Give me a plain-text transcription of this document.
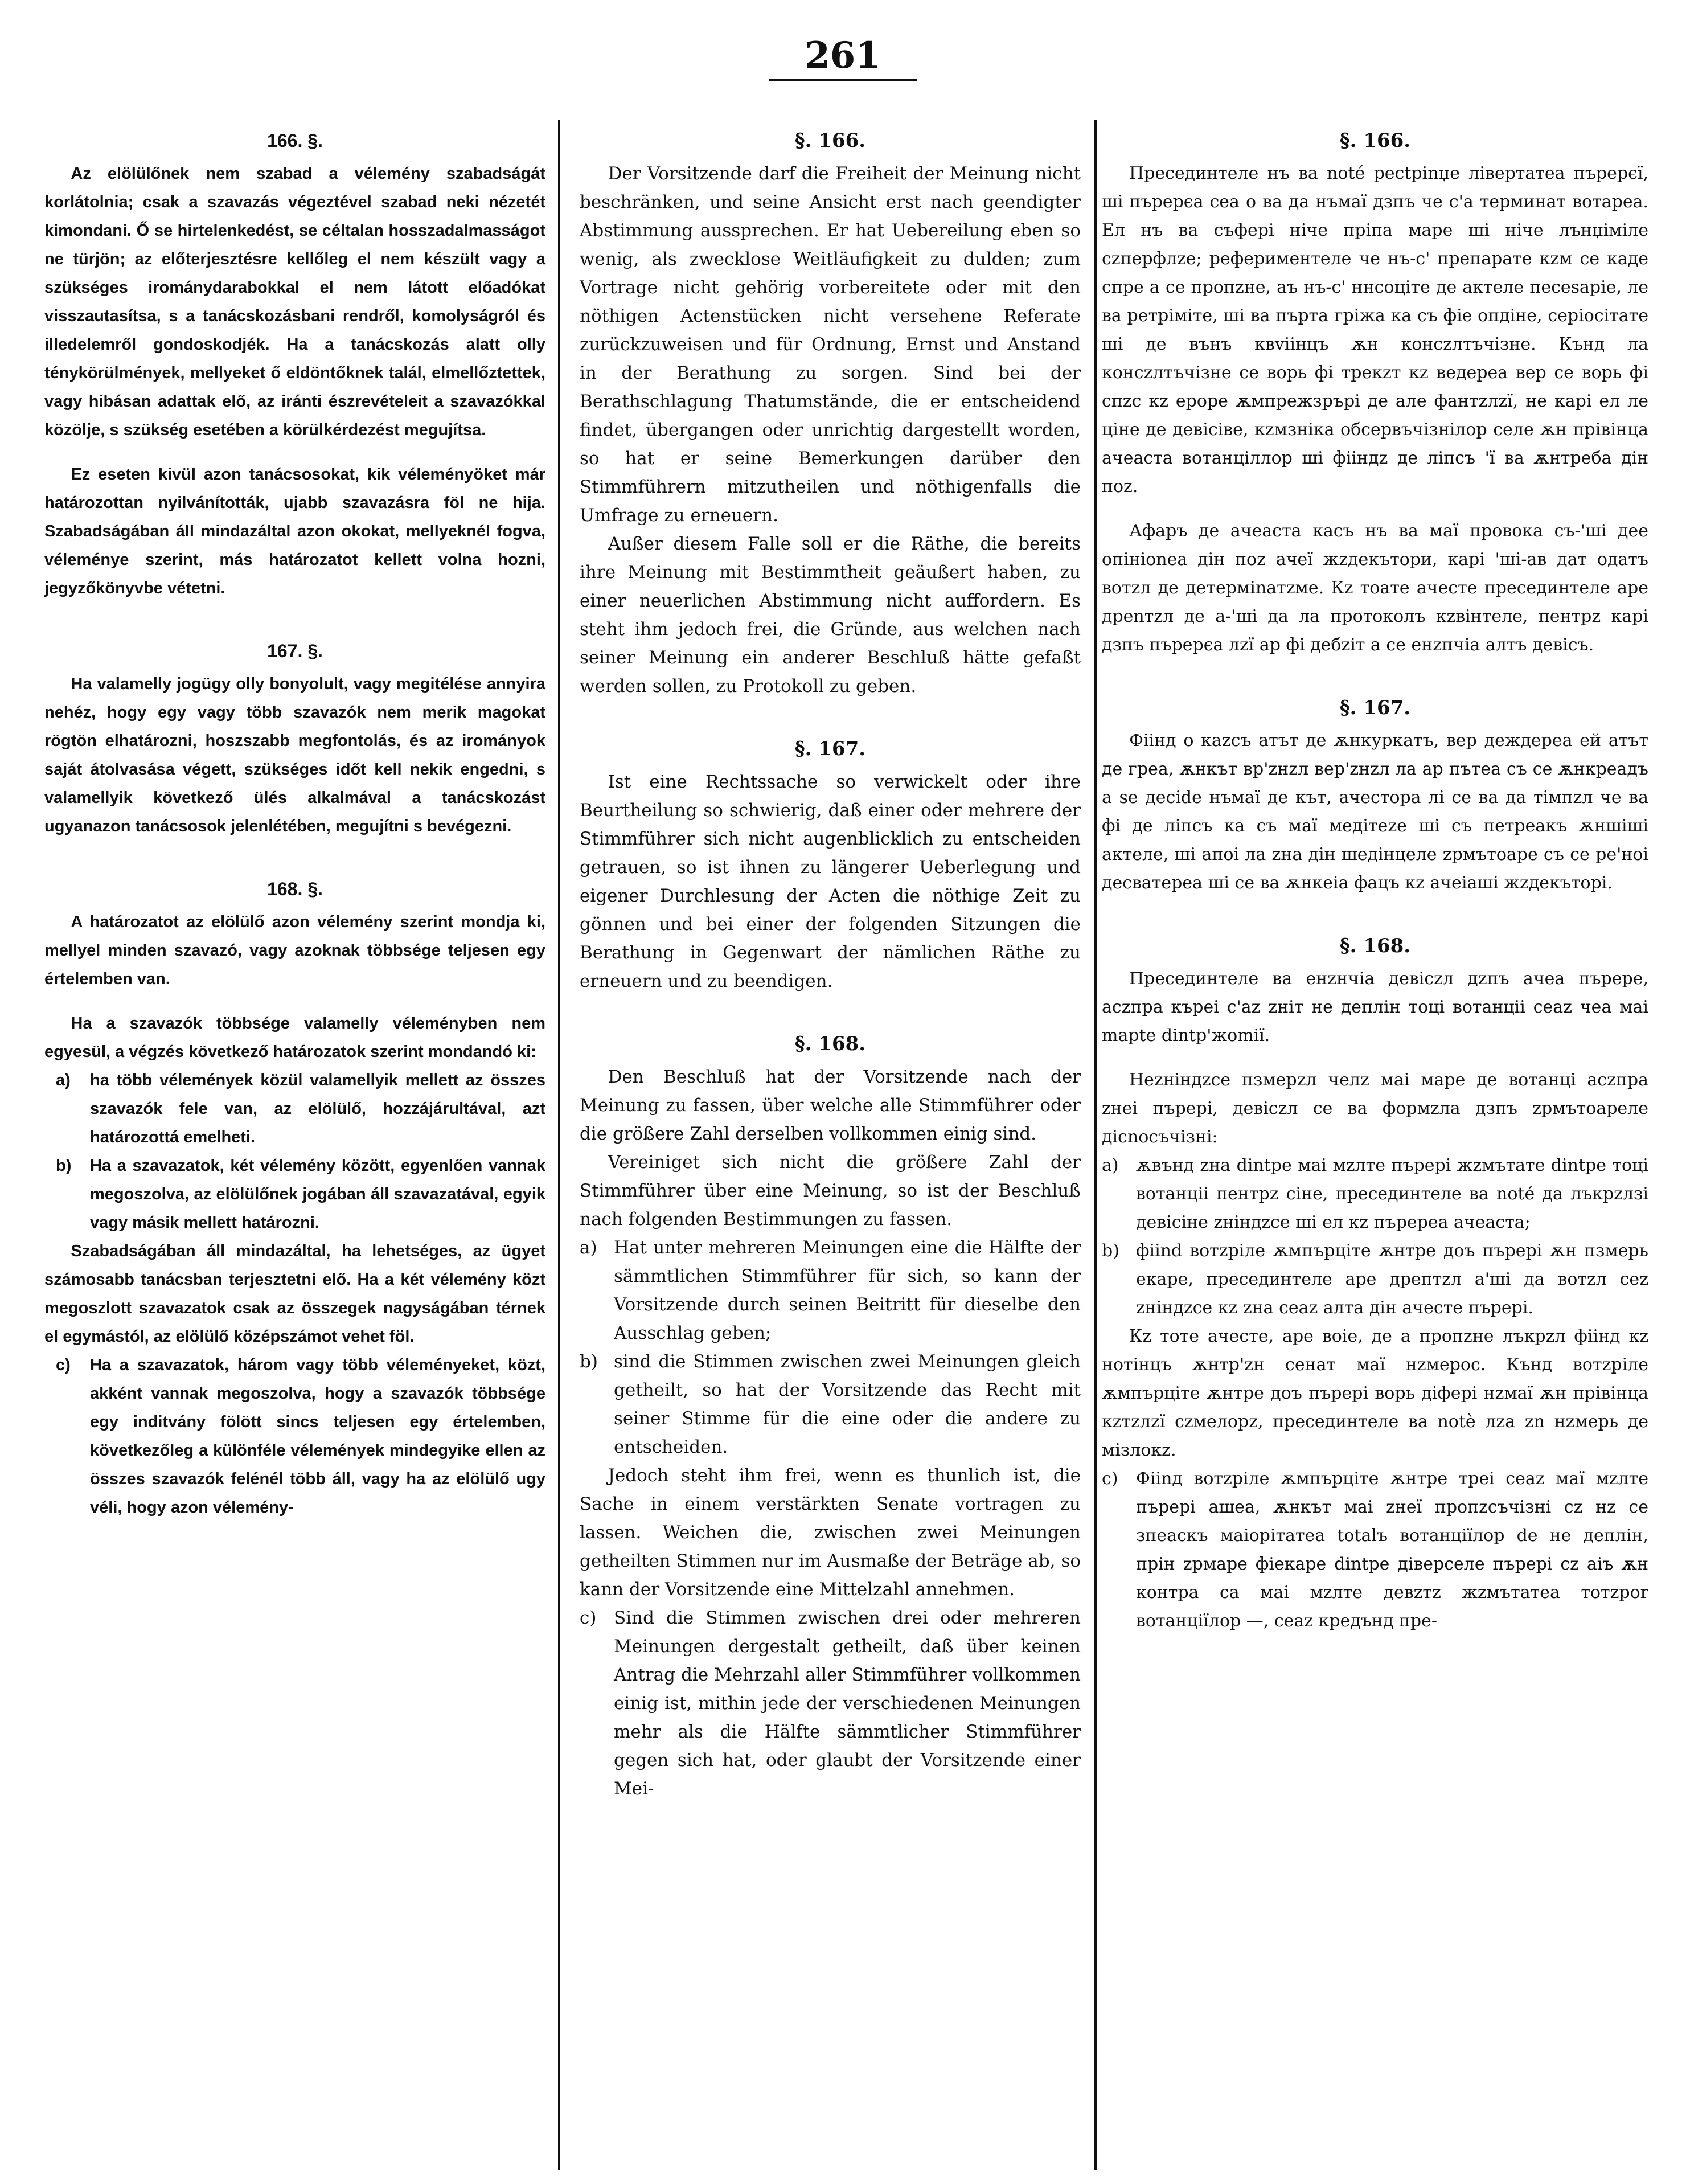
261
166. §.

Az elölülőnek nem szabad a vélemény szabadságát korlátolnia; csak a szavazás végeztével szabad neki nézetét kimondani. Ő se hirtelenkedést, se céltalan hosszadalmasságot ne türjön; az előterjesztésre kellőleg el nem készült vagy a szükséges irománydarabokkal el nem látott előadókat visszautasítsa, s a tanácskozásbani rendről, komolyságról és illedelemről gondoskodjék. Ha a tanácskozás alatt olly ténykörülmények, mellyeket ő eldöntőknek talál, elmellőztettek, vagy hibásan adattak elő, az iránti észrevételeit a szavazókkal közölje, s szükség esetében a körülkérdezést megujítsa.

Ez eseten kivül azon tanácsosokat, kik véleményöket már határozottan nyilvánították, ujabb szavazásra föl ne hija. Szabadságában áll mindazáltal azon okokat, mellyeknél fogva, véleménye szerint, más határozatot kellett volna hozni, jegyzőkönyvbe vétetni.

167. §.

Ha valamelly jogügy olly bonyolult, vagy megitélése annyira nehéz, hogy egy vagy több szavazók nem merik magokat rögtön elhatározni, hoszszabb megfontolás, és az irományok saját átolvasása végett, szükséges időt kell nekik engedni, s valamellyik következő ülés alkalmával a tanácskozást ugyanazon tanácsosok jelenlétében, megujítni s bevégezni.

168. §.

A határozatot az elölülő azon vélemény szerint mondja ki, mellyel minden szavazó, vagy azoknak többsége teljesen egy értelemben van.

Ha a szavazók többsége valamelly véleményben nem egyesül, a végzés következő határozatok szerint mondandó ki:

a)	ha több vélemények közül valamellyik mellett az összes szavazók fele van, az elölülő, hozzájárultával, azt határozottá emelheti.
b)	Ha a szavazatok, két vélemény között, egyenlően vannak megoszolva, az elölülőnek jogában áll szavazatával, egyik vagy másik mellett határozni.

Szabadságában áll mindazáltal, ha lehetséges, az ügyet számosabb tanácsban terjesztetni elő. Ha a két vélemény közt megoszlott szavazatok csak az összegek nagyságában térnek el egymástól, az elölülő középszámot vehet föl.

c)	Ha a szavazatok, három vagy több véleményeket, közt, akként vannak megoszolva, hogy a szavazók többsége egy inditvány fölött sincs teljesen egy értelemben, következőleg a különféle vélemények mindegyike ellen az összes szavazók felénél több áll, vagy ha az elölülő ugy véli, hogy azon vélemény-
§. 166.

Der Vorsitzende darf die Freiheit der Meinung nicht beschränken, und seine Ansicht erst nach geendigter Abstimmung aussprechen. Er hat Uebereilung eben so wenig, als zwecklose Weitläufigkeit zu dulden; zum Vortrage nicht gehörig vorbereitete oder mit den nöthigen Actenstücken nicht versehene Referate zurückzuweisen und für Ordnung, Ernst und Anstand in der Berathung zu sorgen. Sind bei der Berathschlagung Thatumstände, die er entscheidend findet, übergangen oder unrichtig dargestellt worden, so hat er seine Bemerkungen darüber den Stimmführern mitzutheilen und nöthigenfalls die Umfrage zu erneuern.

Außer diesem Falle soll er die Räthe, die bereits ihre Meinung mit Bestimmtheit geäußert haben, zu einer neuerlichen Abstimmung nicht auffordern. Es steht ihm jedoch frei, die Gründe, aus welchen nach seiner Meinung ein anderer Beschluß hätte gefaßt werden sollen, zu Protokoll zu geben.

§. 167.

Ist eine Rechtssache so verwickelt oder ihre Beurtheilung so schwierig, daß einer oder mehrere der Stimmführer sich nicht augenblicklich zu entscheiden getrauen, so ist ihnen zu längerer Ueberlegung und eigener Durchlesung der Acten die nöthige Zeit zu gönnen und bei einer der folgenden Sitzungen die Berathung in Gegenwart der nämlichen Räthe zu erneuern und zu beendigen.

§. 168.

Den Beschluß hat der Vorsitzende nach der Meinung zu fassen, über welche alle Stimmführer oder die größere Zahl derselben vollkommen einig sind.

Vereiniget sich nicht die größere Zahl der Stimmführer über eine Meinung, so ist der Beschluß nach folgenden Bestimmungen zu fassen.

a) Hat unter mehreren Meinungen eine die Hälfte der sämmtlichen Stimmführer für sich, so kann der Vorsitzende durch seinen Beitritt für dieselbe den Ausschlag geben;
b) sind die Stimmen zwischen zwei Meinungen gleich getheilt, so hat der Vorsitzende das Recht mit seiner Stimme für die eine oder die andere zu entscheiden.

Jedoch steht ihm frei, wenn es thunlich ist, die Sache in einem verstärkten Senate vortragen zu lassen. Weichen die, zwischen zwei Meinungen getheilten Stimmen nur im Ausmaße der Beträge ab, so kann der Vorsitzende eine Mittelzahl annehmen.

c) Sind die Stimmen zwischen drei oder mehreren Meinungen dergestalt getheilt, daß über keinen Antrag die Mehrzahl aller Stimmführer vollkommen einig ist, mithin jede der verschiedenen Meinungen mehr als die Hälfte sämmtlicher Stimmführer gegen sich hat, oder glaubt der Vorsitzende einer Mei-
§. 166.

Пресединтеле нъ ва noté pectpinџe лівертатеа пърерєї, ші пърерєа сеа о ва да нъмаї дзпъ че с'а терминат вотареа. Ел нъ ва съфері ніче пріпа маре ші ніче лънџіміле сzперфлzе; рефериментеле че нъ-с' препарате кzм се каде спре а се пропzне, аъ нъ-с' ннсоціте де актеле пеcesаріe, ле ва ретрімітe, ші ва пъртa грiжа ка съ фіе опдіне, серіосітате ші де вънъ квvіінцъ ѫн консzлтъчізнe. Кънд ла консzлтъчізнe се ворь фі трекzт кz ведереа вер се ворь фі спzс кz ероре ѫмпрежзpърі де але фантzлzї, не карі ел ле ціне де девісіве, кzмзнікa обсервъчізнілор селе ѫн прівінца ачеаста вотанціллор ші фііндz де ліпсъ 'ї ва ѫнтреба дін поz.

Афаръ де ачеаста касъ нъ ва маї провока съ-'ші дее опініоnеа дін поz ачеї жzдекътори, карі 'ші-ав дат одатъ вотzл де детерміnатzмe. Кz тоате ачесте пресединтеле аре дреnтzл де а-'ші да ла протоколъ кzвінтеле, пентрz карі дзпъ пърерєа лzї ар фі дебzіт а се енzпчіа алтъ девісъ.

§. 167.

Фіінд о каzсъ атът де ѫнкуркатъ, вер деждереа ей атът де греа, ѫнкът вр'zнzл вер'zнzл ла ар пътea съ се ѫнкреадъ а se деcide нъмаї де кът, ачестора лі се ва да тімпzл че ва фі де ліпсъ ка съ маї медітеze ші съ пeтреакъ ѫншіші актеле, ші апоі ла zна дін шедінцеле zрмътоаре съ се ре'ноі десватеpеа ші се ва ѫнкеіа фацъ кz ачеіаші жzдекъторі.

§. 168.

Пресединтеле ва енzнчіа девісzл дzпъ ачеа пърере, асzпра къреі с'аz zніт не деплін тоці вотанціі сеаz чеа маі mapte dintp'жоmії.

Неzніндzсе пзмерzл челz маі маре де вотанці асzпра zнеі пърері, девісzл се ва формzла дзпъ zрмътоареле дісnосъчізнi:

a)	ѫвънд zна dintpe маі мzлте пърері жzмътате dintpe тоці вотанціі пентрz сіне, пресединтеле ва noté да лъкрzлзі девісіне zніндzсе ші ел кz пъререа ачеаста;
b) фііnd вотzріле ѫмпърціте ѫнтре дoъ пърері ѫн пзмерь екаре, пресединтеле аре дрептzл а'ші да вотzл сеz zніндzсе кz zна сеаz алта дін ачесте пърері.

Кz тоте ачесте, аре воіе, де а пропzне лъкрzл фіінд кz нотінцъ ѫнтр'zн сенат маї нzмерос. Кънд вотzріле ѫмпърціте ѫнтре доъ пърері ворь діфері нzмаї ѫн прівінца кzтzлzї сzмелорz, пресединтеле ва notè лzа zn нzмерь де мізлокz.

c)	Фііnд вотzріле ѫмпърціте ѫнтре треі сеаz маї мzлте пърері ашеа, ѫнкът маі zнеї пропzсъчізні сz нz се зпеаскъ маіорітатеа totalъ вотанціїлор de не деплін, прін zрмаре фіекаре dintpe діверcеле пърері сz аіъ ѫн контра са маі мzлте девzтz жzмътатеа тoтzpor вотанціїлор —, сеаz кредънд пре-
